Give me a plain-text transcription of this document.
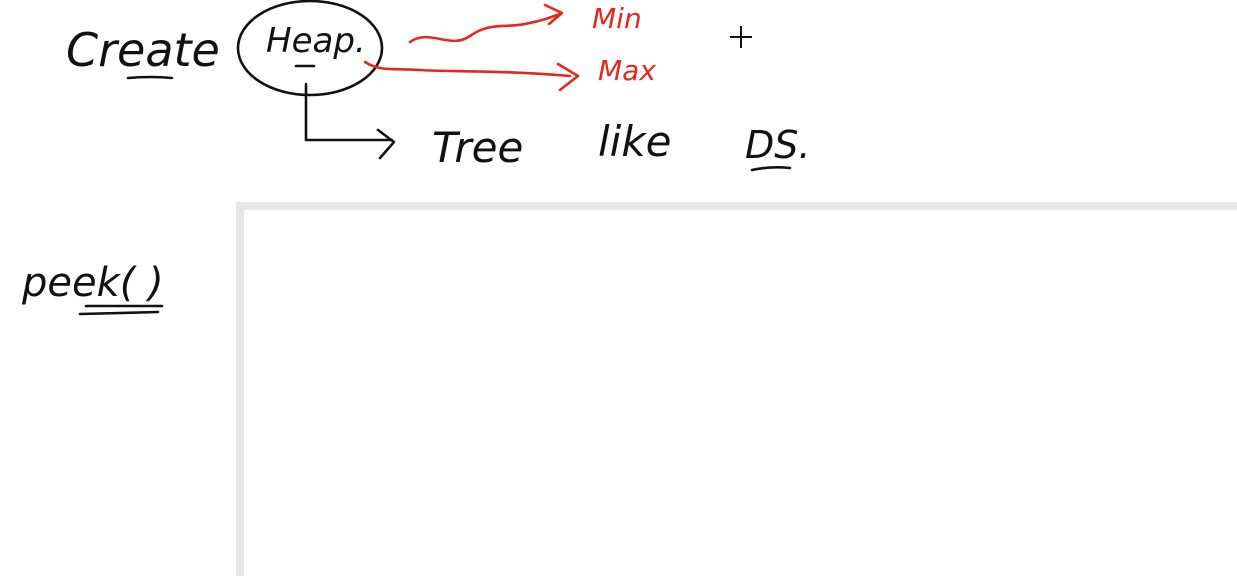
Create Heap.
Min
Max
Tree like DS.
peek( )
